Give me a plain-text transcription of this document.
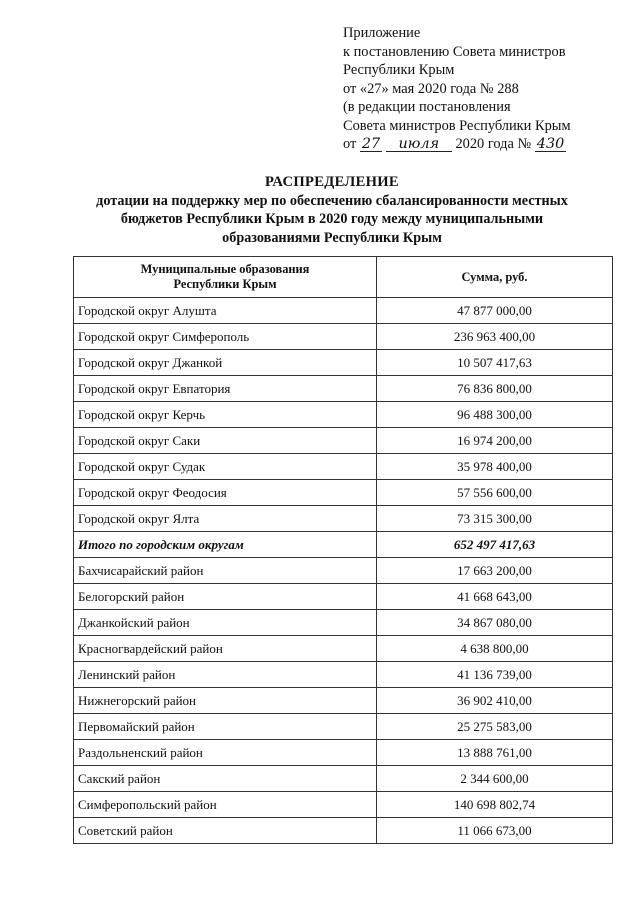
Приложение
к постановлению Совета министров
Республики Крым
от «27» мая 2020 года № 288
(в редакции постановления
Совета министров Республики Крым
от 27 июля 2020 года № 430
РАСПРЕДЕЛЕНИЕ
дотации на поддержку мер по обеспечению сбалансированности местных
бюджетов Республики Крым в 2020 году между муниципальными
образованиями Республики Крым
Муниципальные образования
Республики Крым	Сумма, руб.
Городской округ Алушта	47 877 000,00
Городской округ Симферополь	236 963 400,00
Городской округ Джанкой	10 507 417,63
Городской округ Евпатория	76 836 800,00
Городской округ Керчь	96 488 300,00
Городской округ Саки	16 974 200,00
Городской округ Судак	35 978 400,00
Городской округ Феодосия	57 556 600,00
Городской округ Ялта	73 315 300,00
Итого по городским округам	652 497 417,63
Бахчисарайский район	17 663 200,00
Белогорский район	41 668 643,00
Джанкойский район	34 867 080,00
Красногвардейский район	4 638 800,00
Ленинский район	41 136 739,00
Нижнегорский район	36 902 410,00
Первомайский район	25 275 583,00
Раздольненский район	13 888 761,00
Сакский район	2 344 600,00
Симферопольский район	140 698 802,74
Советский район	11 066 673,00
